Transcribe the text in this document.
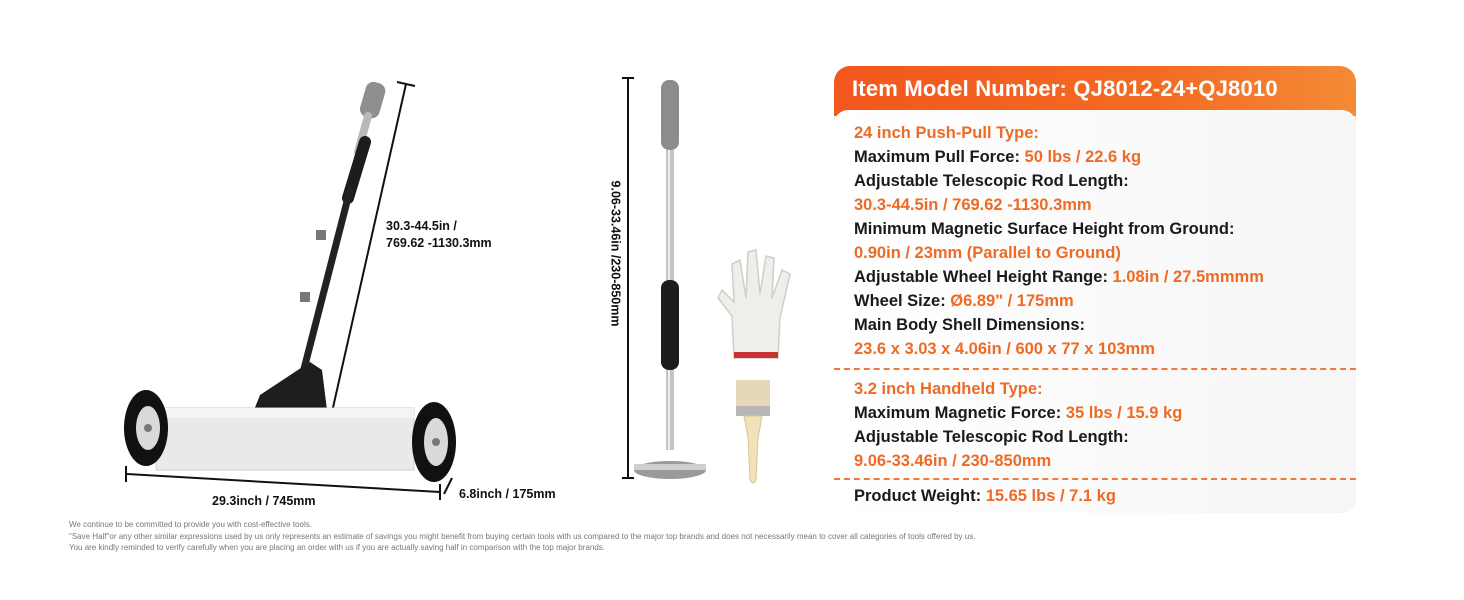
30.3-44.5in /
769.62 -1130.3mm
29.3inch / 745mm	6.8inch / 175mm
9.06-33.46in /230-850mm
Item Model Number: QJ8012-24+QJ8010
24 inch Push-Pull Type:
Maximum Pull Force: 50 lbs / 22.6 kg
Adjustable Telescopic Rod Length:
30.3-44.5in / 769.62 -1130.3mm
Minimum Magnetic Surface Height from Ground:
0.90in / 23mm (Parallel to Ground)
Adjustable Wheel Height Range: 1.08in / 27.5mmmm
Wheel Size: Ø6.89" / 175mm
Main Body Shell Dimensions:
23.6 x 3.03 x 4.06in / 600 x 77 x 103mm
3.2 inch Handheld Type:
Maximum Magnetic Force: 35 lbs / 15.9 kg
Adjustable Telescopic Rod Length:
9.06-33.46in / 230-850mm
Product Weight: 15.65 lbs / 7.1 kg
We continue to be committed to provide you with cost-effective tools.
"Save Half"or any other similar expressions used by us only represents an estimate of savings you might benefit from buying certain tools with us compared to the major top brands and does not necessarily mean to cover all categories of tools offered by us.
You are kindly reminded to verify carefully when you are placing an order with us if you are actually saving half in comparison with the top major brands.
